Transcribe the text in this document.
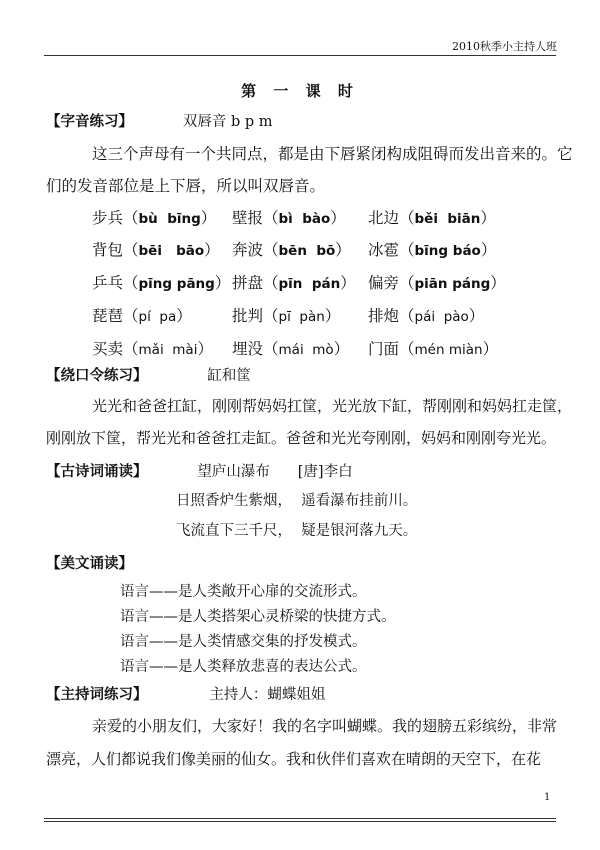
2010秋季小主持人班
第 一 课 时
【字音练习】	双唇音 b p m
这三个声母有一个共同点，都是由下唇紧闭构成阻碍而发出音来的。它
们的发音部位是上下唇，所以叫双唇音。
步兵（bù  bīng） 壁报（bì  bào） 北边（běi  biān）
背包（bēi   bāo） 奔波（bēn  bō） 冰雹（bīng báo）
乒乓（pīng pāng） 拼盘（pīn  pán） 偏旁（piān páng）
琵琶（pí  pa）	批判（pī  pàn） 排炮（pái  pào）
买卖（mǎi  mài） 埋没（mái  mò） 门面（mén miàn）
【绕口令练习】	缸和筐
光光和爸爸扛缸，刚刚帮妈妈扛筐，光光放下缸，帮刚刚和妈妈扛走筐，
刚刚放下筐，帮光光和爸爸扛走缸。爸爸和光光夸刚刚，妈妈和刚刚夸光光。
【古诗词诵读】	望庐山瀑布 [唐]李白
日照香炉生紫烟，  遥看瀑布挂前川。
飞流直下三千尺，  疑是银河落九天。
【美文诵读】
语言——是人类敞开心扉的交流形式。
语言——是人类搭架心灵桥梁的快捷方式。
语言——是人类情感交集的抒发模式。
语言——是人类释放悲喜的表达公式。
【主持词练习】	主持人：蝴蝶姐姐
亲爱的小朋友们，大家好！我的名字叫蝴蝶。我的翅膀五彩缤纷，非常
漂亮，人们都说我们像美丽的仙女。我和伙伴们喜欢在晴朗的天空下，在花
1
